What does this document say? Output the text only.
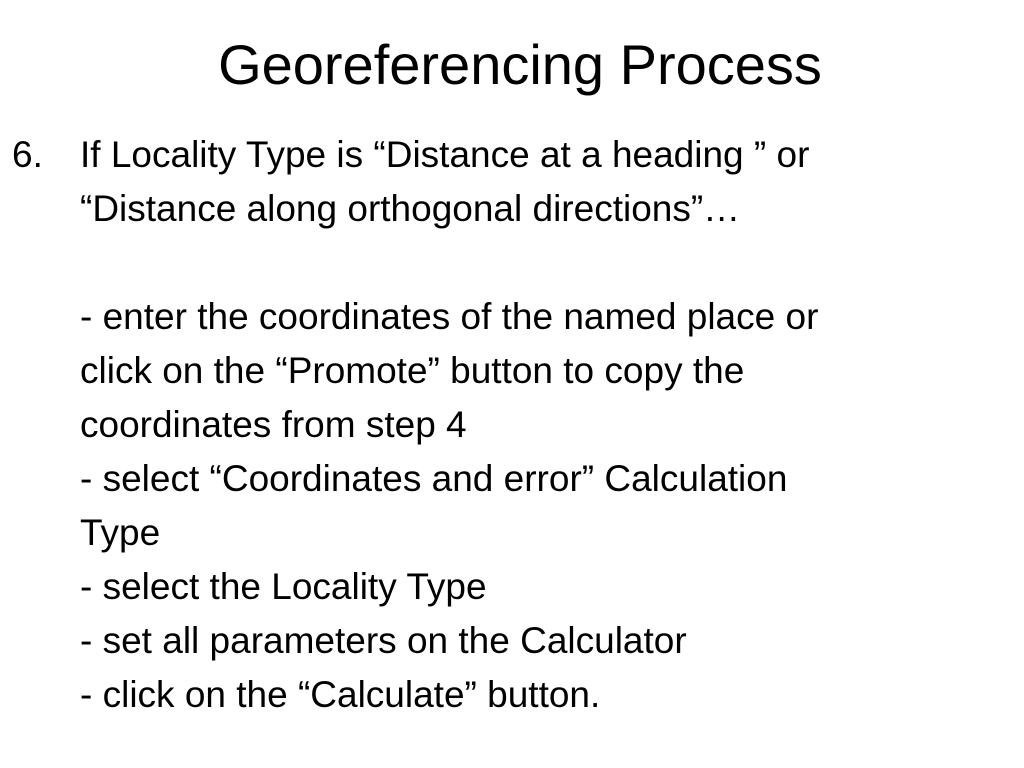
Georeferencing Process
6. If Locality Type is “Distance at a heading ” or
“Distance along orthogonal directions”…
- enter the coordinates of the named place or
click on the “Promote” button to copy the
coordinates from step 4
- select “Coordinates and error” Calculation
Type
- select the Locality Type
- set all parameters on the Calculator
- click on the “Calculate” button.
